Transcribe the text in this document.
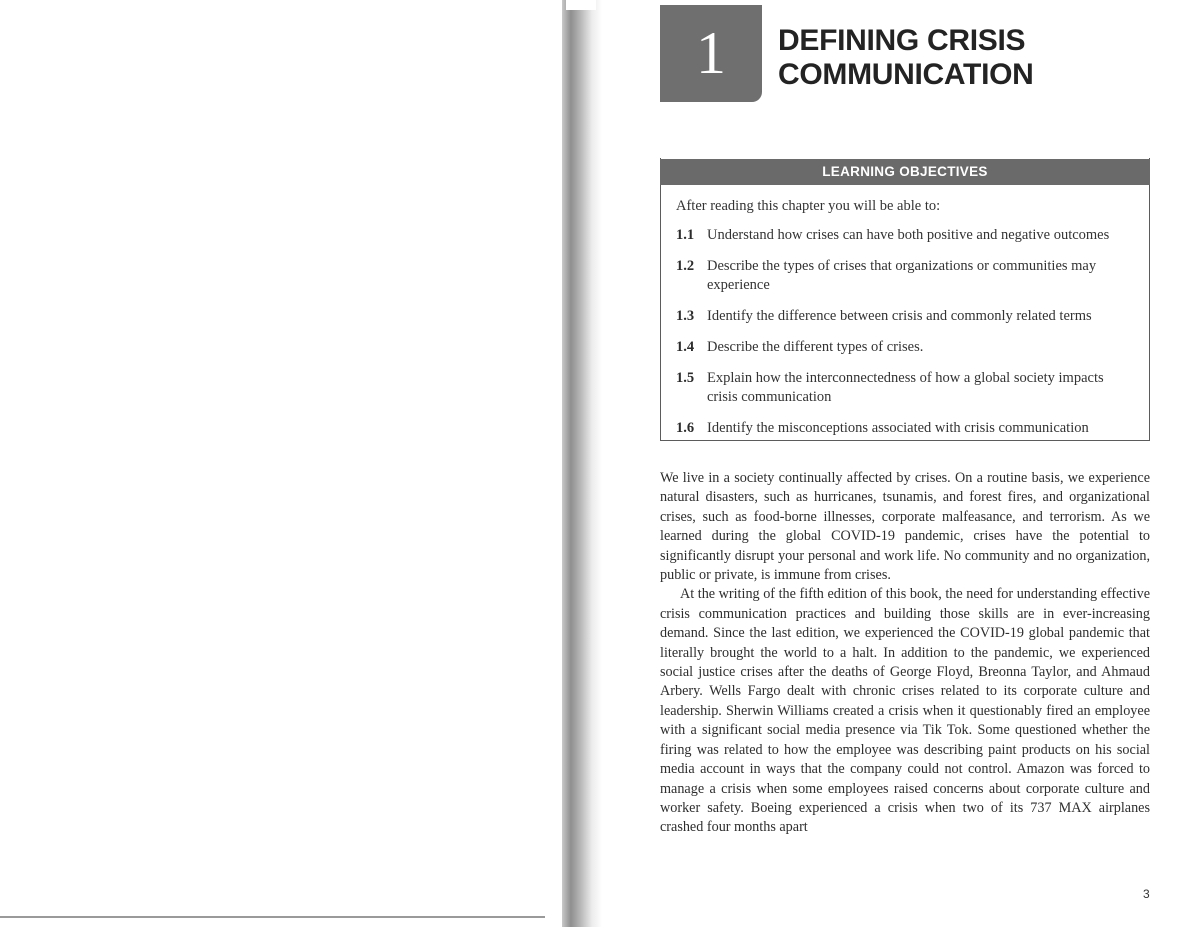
1	DEFINING CRISIS
COMMUNICATION
LEARNING OBJECTIVES
After reading this chapter you will be able to:
1.1 Understand how crises can have both positive and negative outcomes
1.2 Describe the types of crises that organizations or communities may experience
1.3 Identify the difference between crisis and commonly related terms
1.4 Describe the different types of crises.
1.5 Explain how the interconnectedness of how a global society impacts crisis communication
1.6 Identify the misconceptions associated with crisis communication

We live in a society continually affected by crises. On a routine basis, we experience natural disasters, such as hurricanes, tsunamis, and forest fires, and organizational crises, such as food-borne illnesses, corporate malfeasance, and terrorism. As we learned during the global COVID-19 pandemic, crises have the potential to significantly disrupt your personal and work life. No community and no organization, public or private, is immune from crises.

At the writing of the fifth edition of this book, the need for understanding effective crisis communication practices and building those skills are in ever-increasing demand. Since the last edition, we experienced the COVID-19 global pandemic that literally brought the world to a halt. In addition to the pandemic, we experienced social justice crises after the deaths of George Floyd, Breonna Taylor, and Ahmaud Arbery. Wells Fargo dealt with chronic crises related to its corporate culture and leadership. Sherwin Williams created a crisis when it questionably fired an employee with a significant social media presence via Tik Tok. Some questioned whether the firing was related to how the employee was describing paint products on his social media account in ways that the company could not control. Amazon was forced to manage a crisis when some employees raised concerns about corporate culture and worker safety. Boeing experienced a crisis when two of its 737 MAX airplanes crashed four months apart

3
